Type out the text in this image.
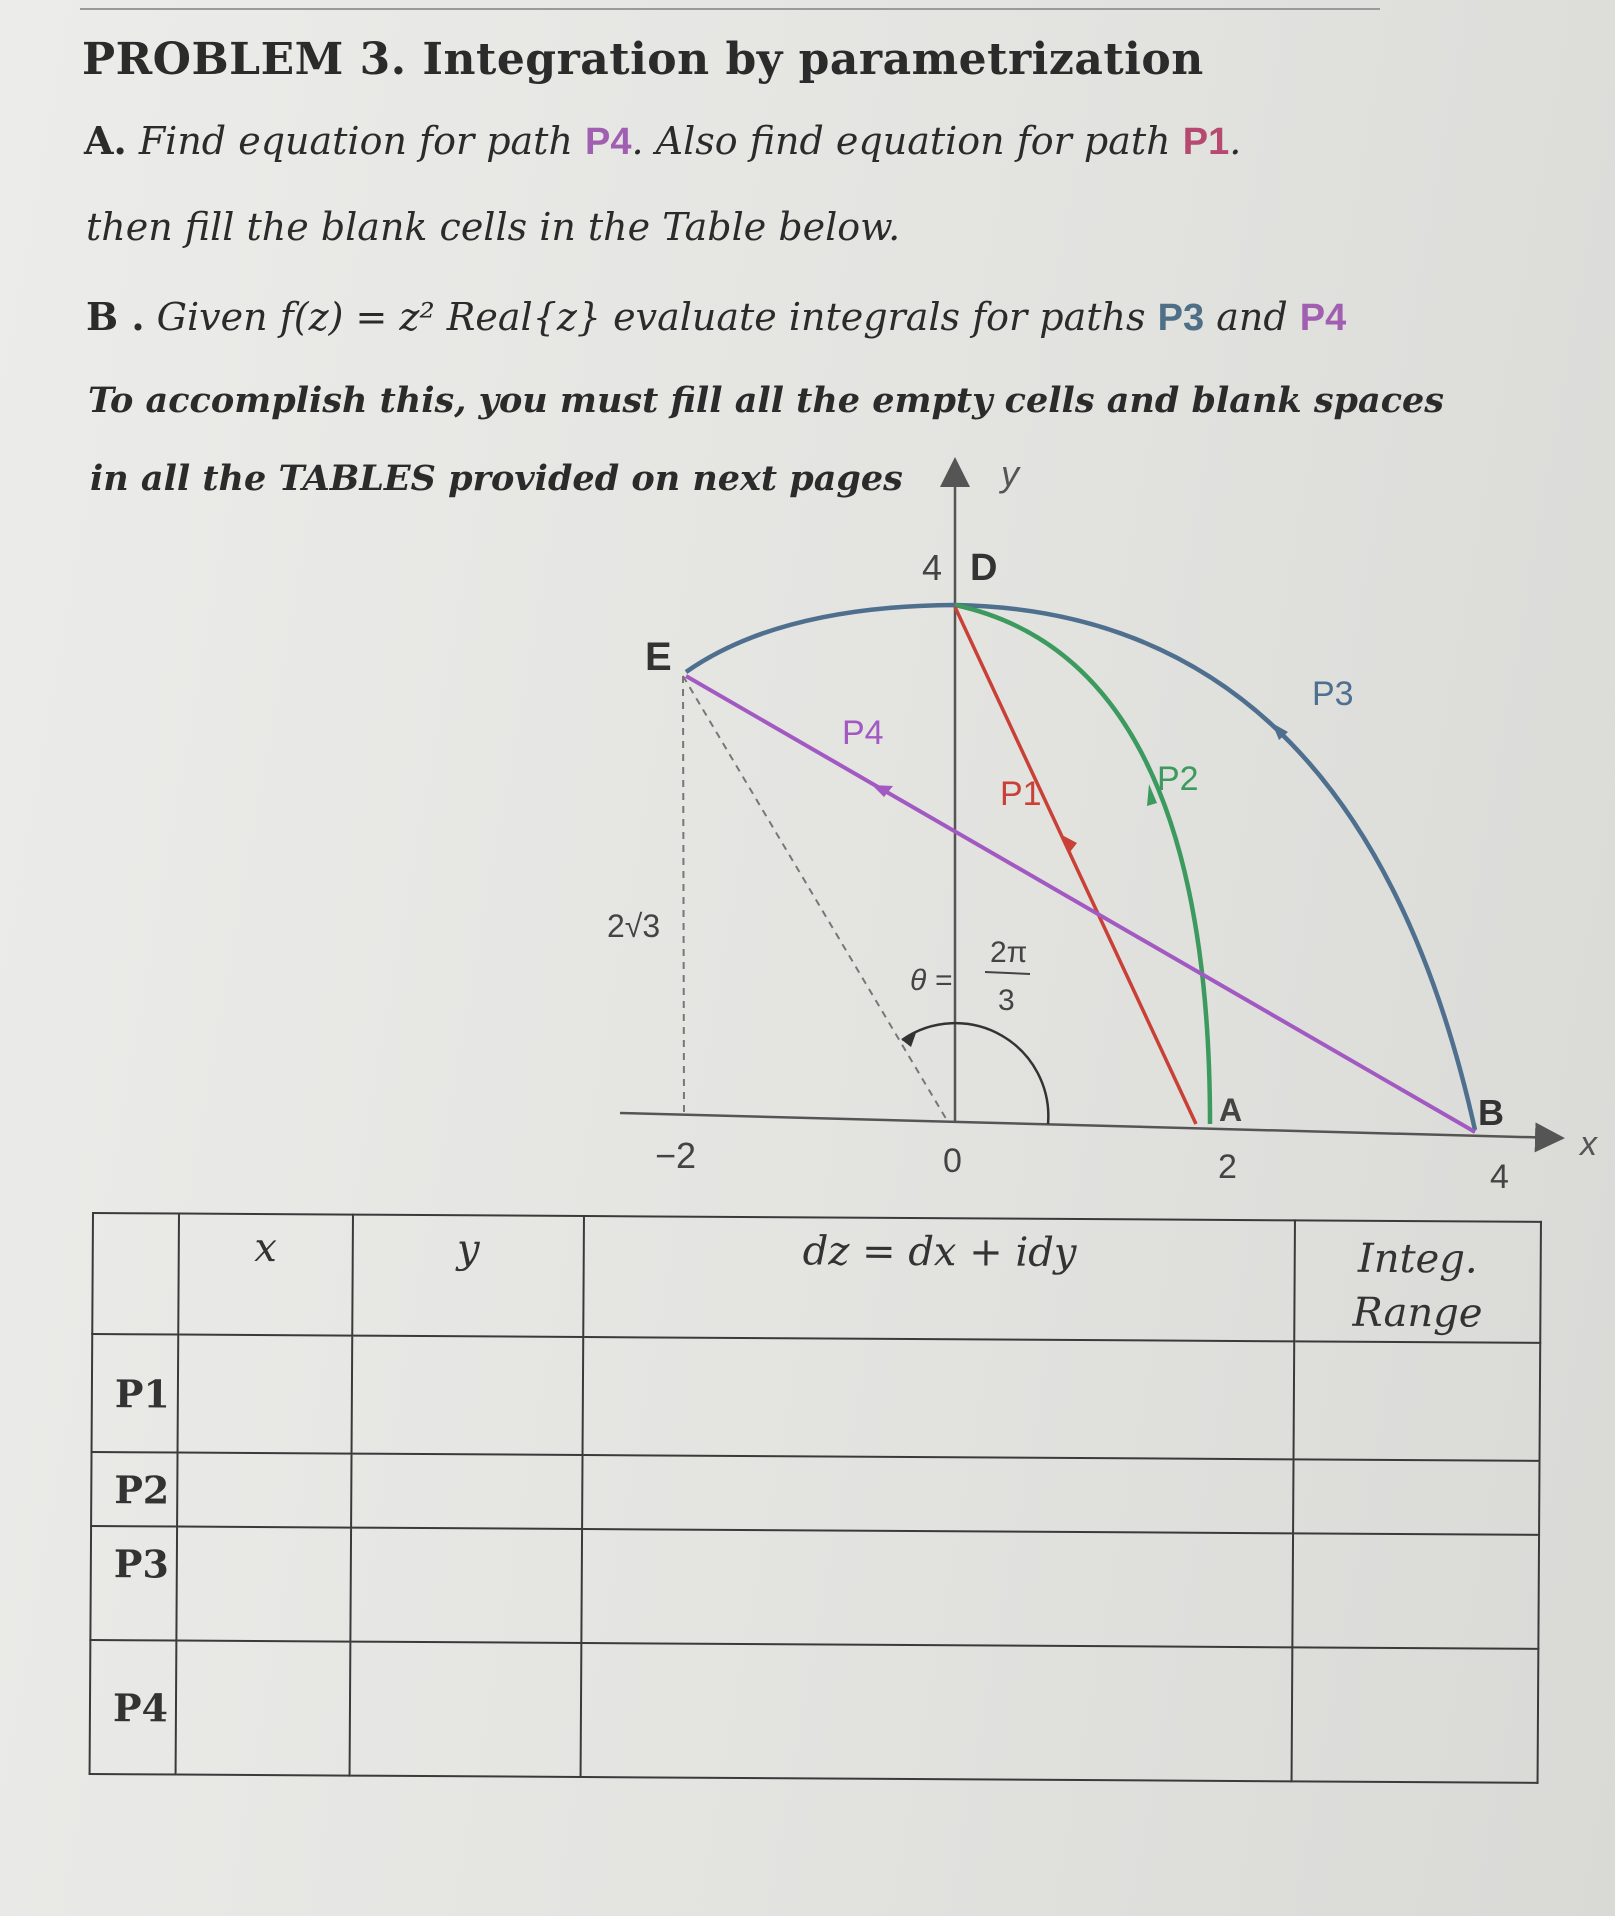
PROBLEM 3. Integration by parametrization
A. Find equation for path P4. Also find equation for path P1.
then fill the blank cells in the Table below.
B . Given f(z) = z² Real{z} evaluate integrals for paths P3 and P4
To accomplish this, you must fill all the empty cells and blank spaces
in all the TABLES provided on next pages	y
x
4 D
E
2√3
A	B
−2	0	2	4
θ =
2π
3
P4
P1	P2
P3
	x	y	dz = dx + idy	Integ. Range
P1				
P2				
P3				
P4				
